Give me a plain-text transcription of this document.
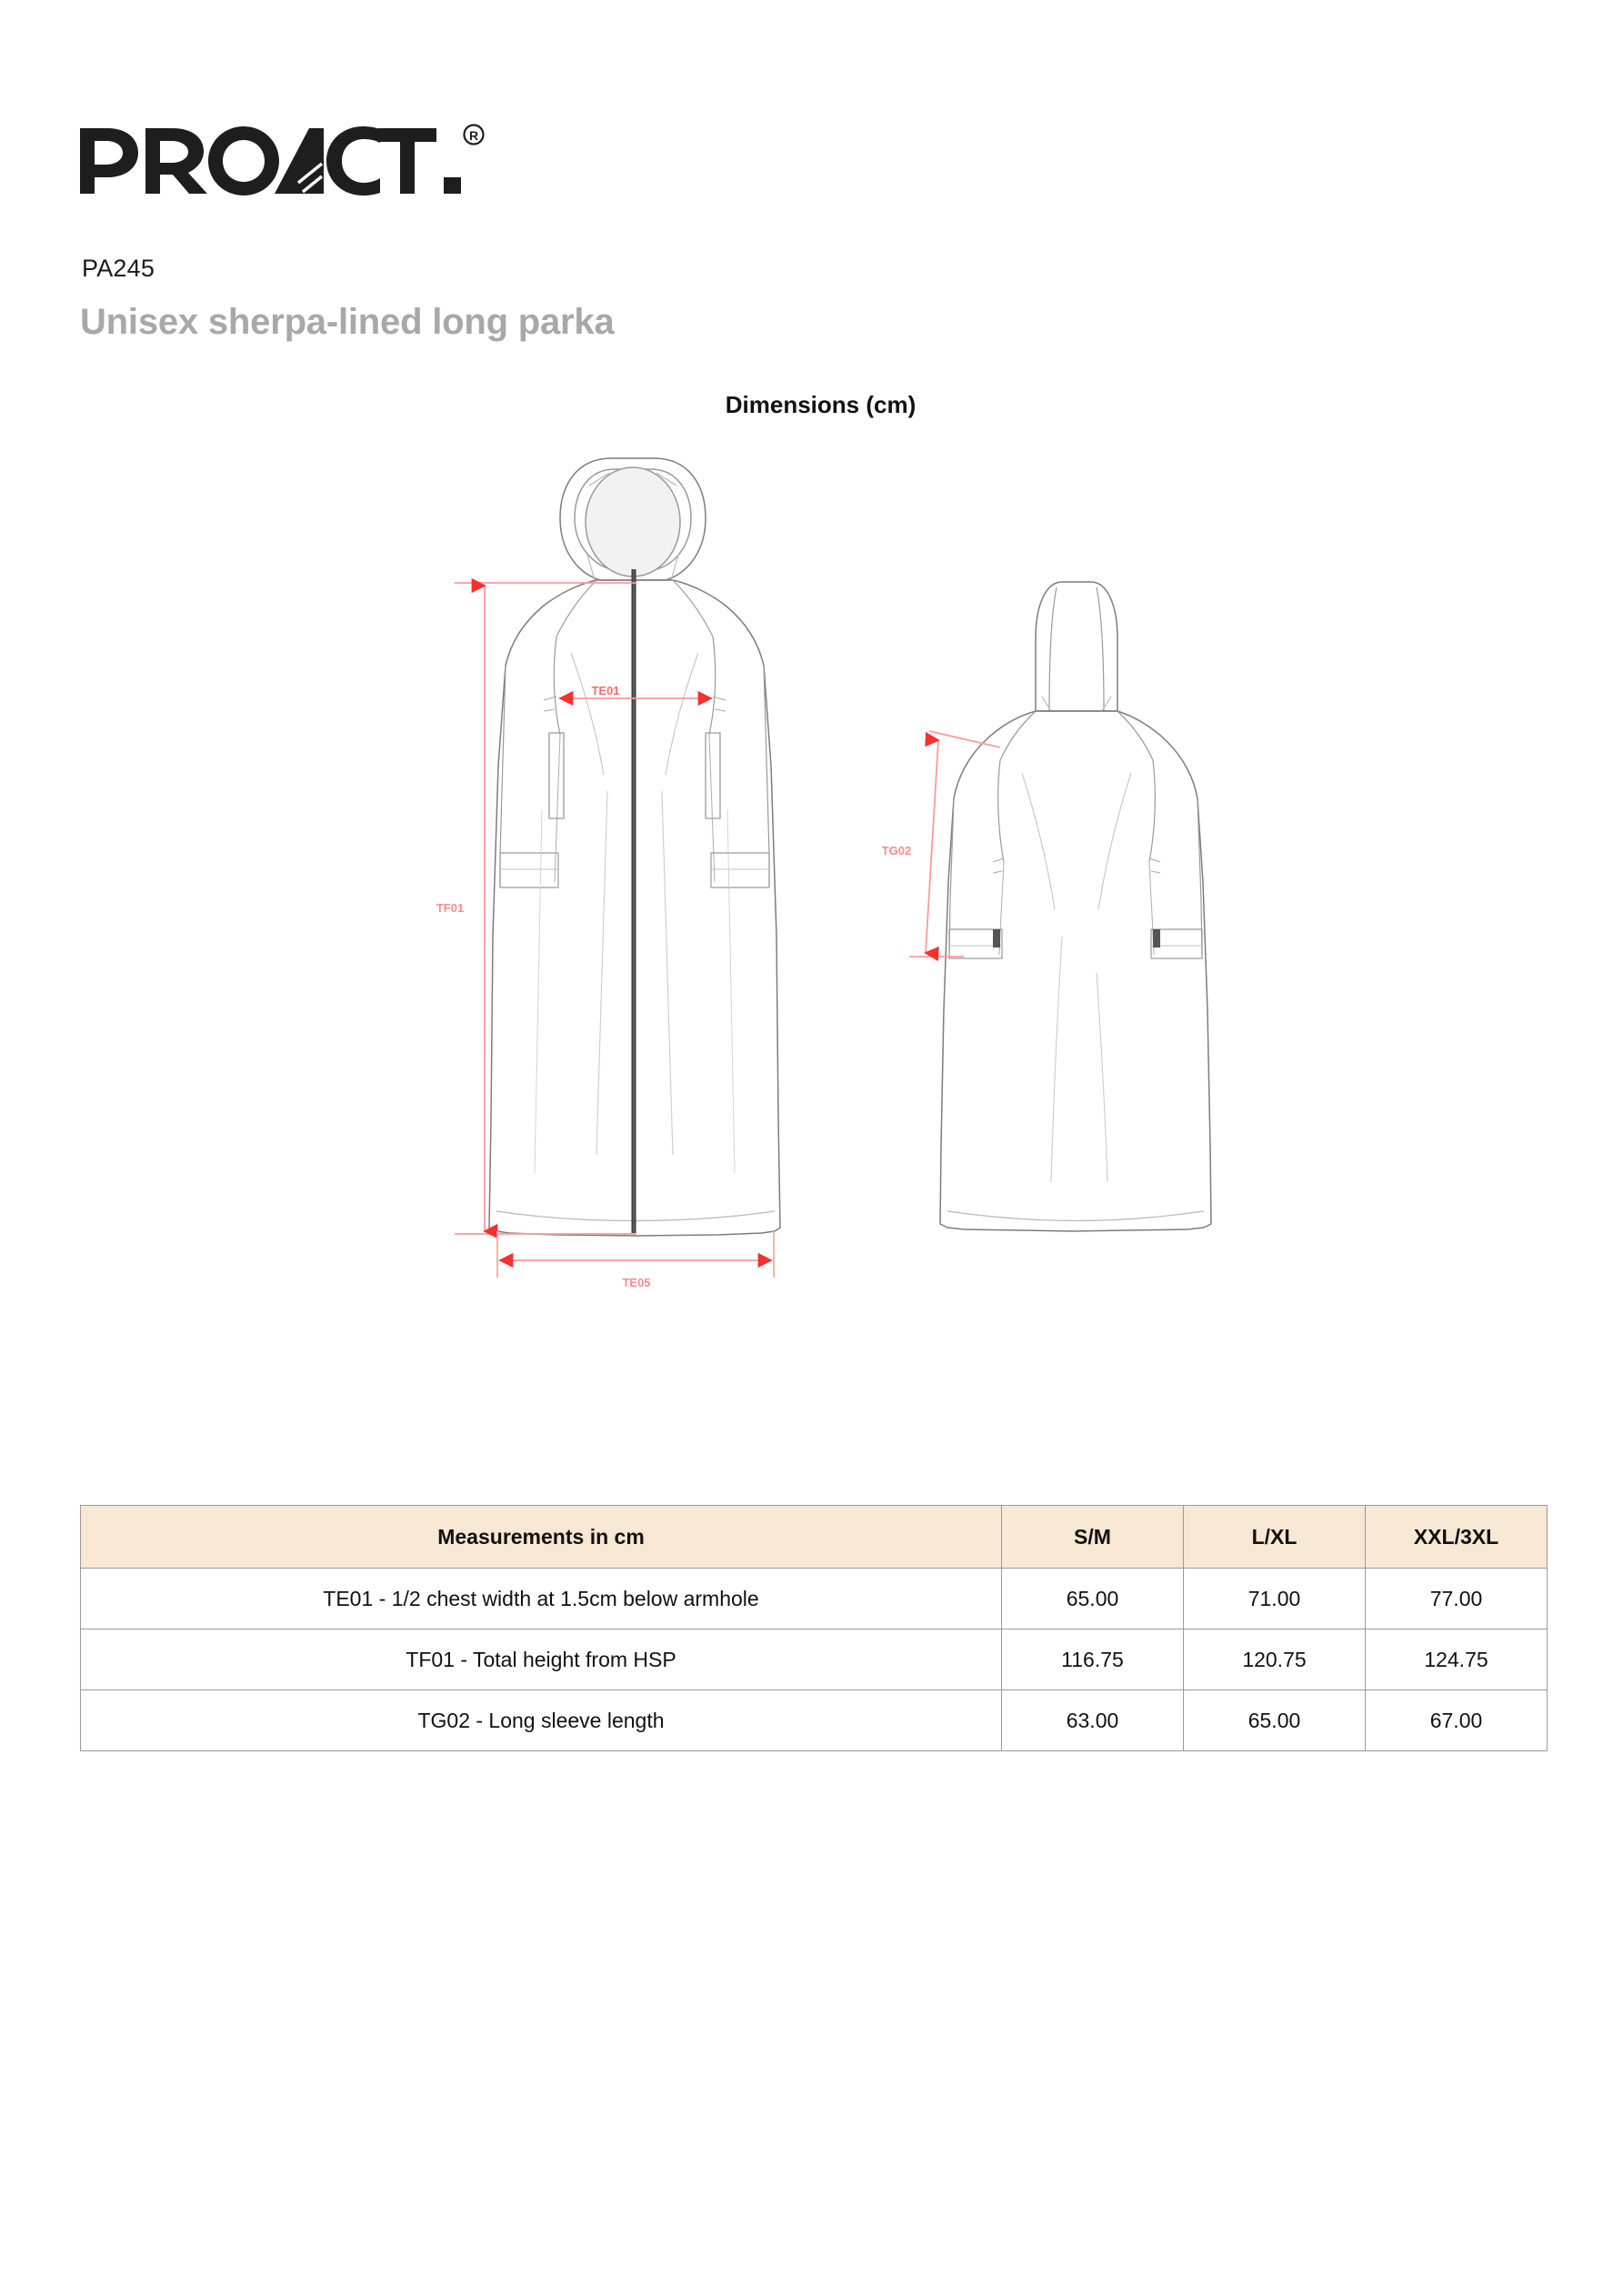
R
PA245
Unisex sherpa-lined long parka
Dimensions (cm)
TF01
TE01
TE05
TG02
Measurements in cm	S/M	L/XL	XXL/3XL
TE01 - 1/2 chest width at 1.5cm below armhole	65.00	71.00	77.00
TF01 - Total height from HSP	116.75	120.75	124.75
TG02 - Long sleeve length	63.00	65.00	67.00
